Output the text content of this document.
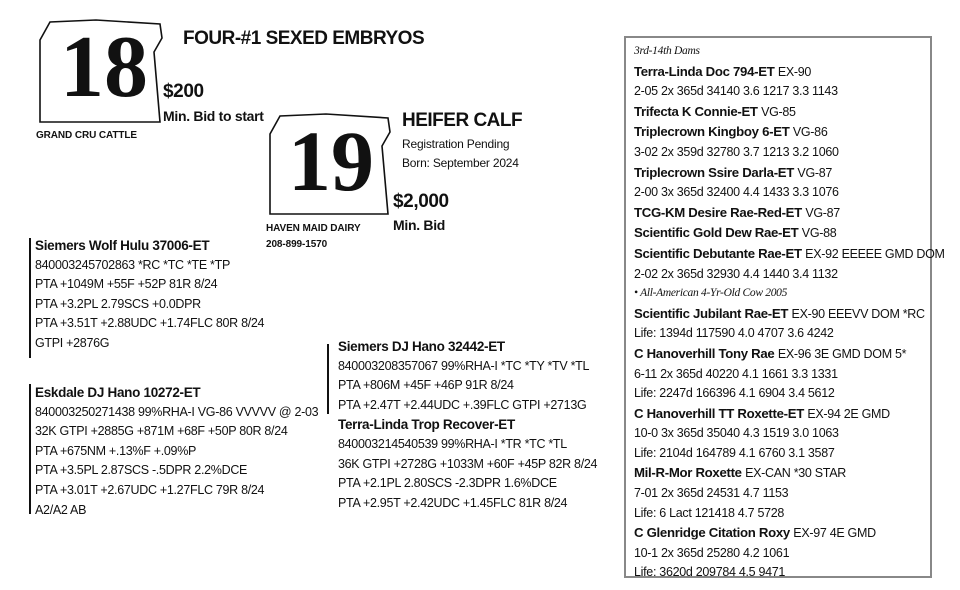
18 FOUR-#1 SEXED EMBRYOS
$200
Min. Bid to start
GRAND CRU CATTLE 19 HEIFER CALF
Registration Pending
Born: September 2024
$2,000
Min. Bid
HAVEN MAID DAIRY
208-899-1570
Siemers Wolf Hulu 37006-ET
840003245702863 *RC *TC *TE *TP
PTA +1049M +55F +52P 81R 8/24
PTA +3.2PL 2.79SCS +0.0DPR
PTA +3.51T +2.88UDC +1.74FLC 80R 8/24
GTPI +2876G
Eskdale DJ Hano 10272-ET
840003250271438 99%RHA-I VG-86 VVVVV @ 2-03
32K GTPI +2885G +871M +68F +50P 80R 8/24
PTA +675NM +.13%F +.09%P
PTA +3.5PL 2.87SCS -.5DPR 2.2%DCE
PTA +3.01T +2.67UDC +1.27FLC 79R 8/24
A2/A2 AB
Siemers DJ Hano 32442-ET
840003208357067 99%RHA-I *TC *TY *TV *TL
PTA +806M +45F +46P 91R 8/24
PTA +2.47T +2.44UDC +.39FLC GTPI +2713G
Terra-Linda Trop Recover-ET
840003214540539 99%RHA-I *TR *TC *TL
36K GTPI +2728G +1033M +60F +45P 82R 8/24
PTA +2.1PL 2.80SCS -2.3DPR 1.6%DCE
PTA +2.95T +2.42UDC +1.45FLC 81R 8/24
3rd-14th Dams
Terra-Linda Doc 794-ET EX-90
2-05 2x 365d 34140 3.6 1217 3.3 1143
Trifecta K Connie-ET VG-85
Triplecrown Kingboy 6-ET VG-86
3-02 2x 359d 32780 3.7 1213 3.2 1060
Triplecrown Ssire Darla-ET VG-87
2-00 3x 365d 32400 4.4 1433 3.3 1076
TCG-KM Desire Rae-Red-ET VG-87
Scientific Gold Dew Rae-ET VG-88
Scientific Debutante Rae-ET EX-92 EEEEE GMD DOM
2-02 2x 365d 32930 4.4 1440 3.4 1132
• All-American 4-Yr-Old Cow 2005
Scientific Jubilant Rae-ET EX-90 EEEVV DOM *RC
Life: 1394d 117590 4.0 4707 3.6 4242
C Hanoverhill Tony Rae EX-96 3E GMD DOM 5*
6-11 2x 365d 40220 4.1 1661 3.3 1331
Life: 2247d 166396 4.1 6904 3.4 5612
C Hanoverhill TT Roxette-ET EX-94 2E GMD
10-0 3x 365d 35040 4.3 1519 3.0 1063
Life: 2104d 164789 4.1 6760 3.1 3587
Mil-R-Mor Roxette EX-CAN *30 STAR
7-01 2x 365d 24531 4.7 1153
Life: 6 Lact 121418 4.7 5728
C Glenridge Citation Roxy EX-97 4E GMD
10-1 2x 365d 25280 4.2 1061
Life: 3620d 209784 4.5 9471
